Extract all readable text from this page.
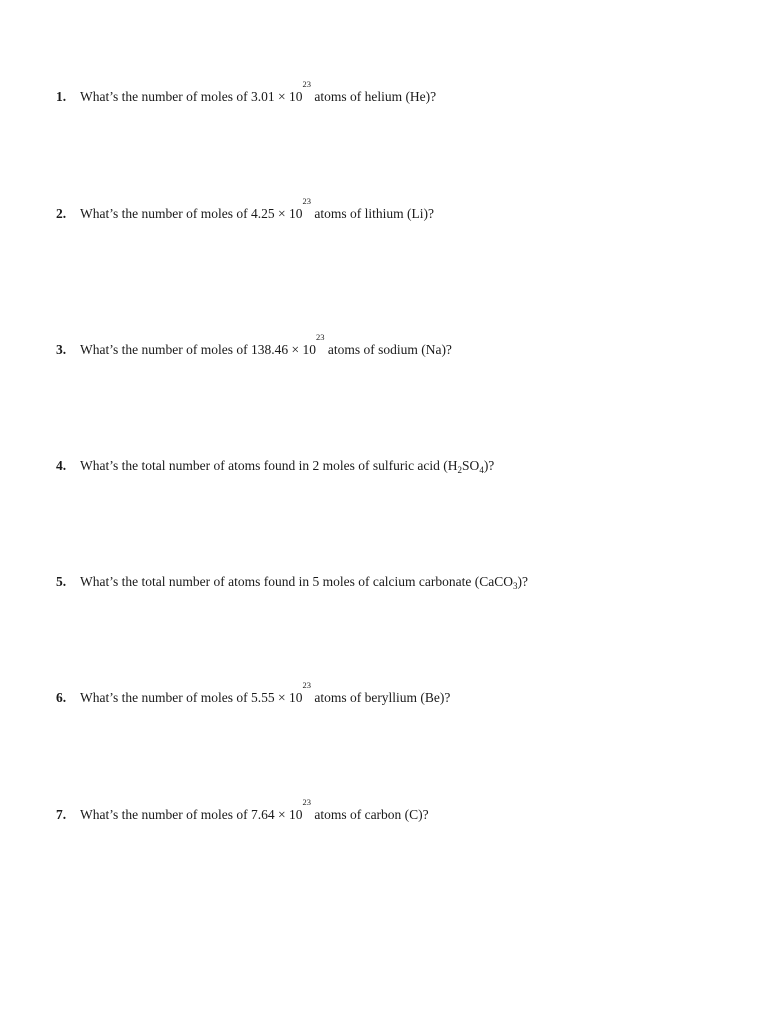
1. What’s the number of moles of $3.01 \times 10^{23}$ atoms of helium (He)?
2. What’s the number of moles of $4.25 \times 10^{23}$ atoms of lithium (Li)?
3. What’s the number of moles of $138.46 \times 10^{23}$ atoms of sodium (Na)?
4. What’s the total number of atoms found in 2 moles of sulfuric acid $(H_2SO_4)$?
5. What’s the total number of atoms found in 5 moles of calcium carbonate (CaCO$_3$)?
6. What’s the number of moles of $5.55 \times 10^{23}$ atoms of beryllium (Be)?
7. What’s the number of moles of $7.64 \times 10^{23}$ atoms of carbon (C)?
